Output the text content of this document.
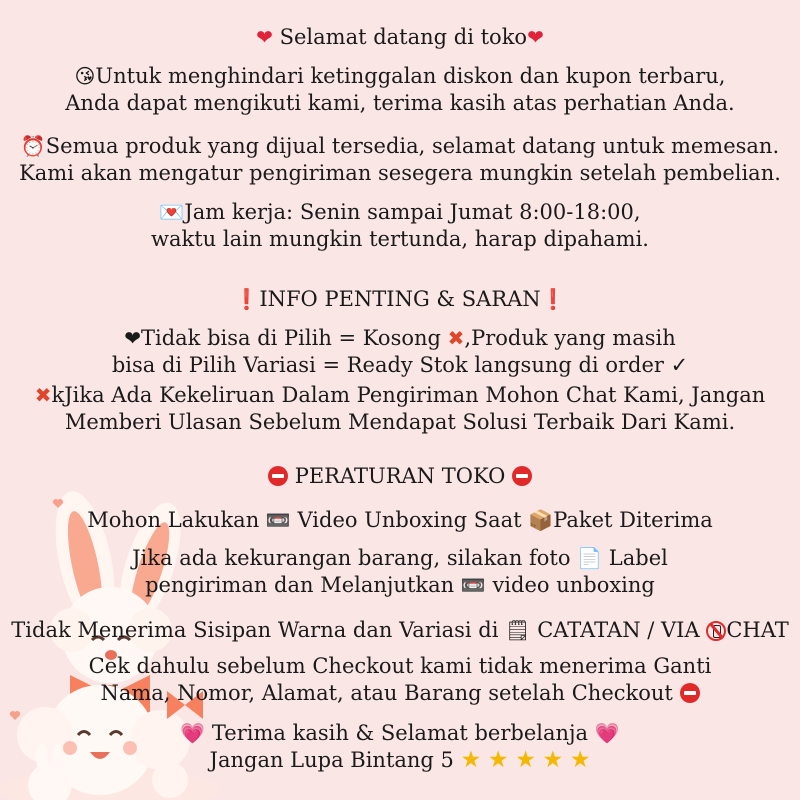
❤ Selamat datang di toko❤
😘Untuk menghindari ketinggalan diskon dan kupon terbaru,
Anda dapat mengikuti kami, terima kasih atas perhatian Anda.
⏰Semua produk yang dijual tersedia, selamat datang untuk memesan.
Kami akan mengatur pengiriman sesegera mungkin setelah pembelian.
💌Jam kerja: Senin sampai Jumat 8:00-18:00,
waktu lain mungkin tertunda, harap dipahami.
❗INFO PENTING & SARAN❗
❤Tidak bisa di Pilih = Kosong ✖,Produk yang masih
bisa di Pilih Variasi = Ready Stok langsung di order ✓
✖kJika Ada Kekeliruan Dalam Pengiriman Mohon Chat Kami, Jangan
Memberi Ulasan Sebelum Mendapat Solusi Terbaik Dari Kami.
PERATURAN TOKO
Mohon Lakukan 📼 Video Unboxing Saat 📦Paket Diterima
Jika ada kekurangan barang, silakan foto 📄 Label
pengiriman dan Melanjutkan 📼 video unboxing
Tidak Menerima Sisipan Warna dan Variasi di 🗒 CATATAN / VIA CHAT
Cek dahulu sebelum Checkout kami tidak menerima Ganti
Nama, Nomor, Alamat, atau Barang setelah Checkout
💗 Terima kasih & Selamat berbelanja 💗
Jangan Lupa Bintang 5 ★ ★ ★ ★ ★
